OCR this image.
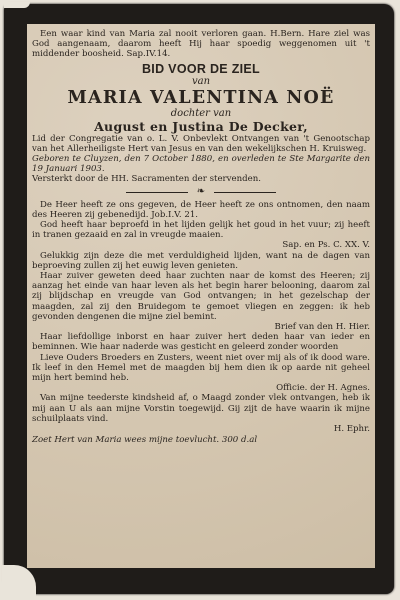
Een waar kind van Maria zal nooit verloren gaan. H.Bern. Hare ziel was God aangenaam, daarom heeft Hij haar spoedig weggenomen uit 't middender boosheid. Sap.IV.14.

BID VOOR DE ZIEL

van

MARIA VALENTINA NOË

dochter van

August en Justina De Decker,

Lid der Congregatie van o. L. V. Onbevlekt Ontvangen van 't Genootschap van het Allerheiligste Hert van Jesus en van den wekelijkschen H. Kruisweg.

Geboren te Cluyzen, den 7 October 1880, en overleden te Ste Margarite den 19 Januari 1903.

Versterkt door de HH. Sacramenten der stervenden.

❧

De Heer heeft ze ons gegeven, de Heer heeft ze ons ontnomen, den naam des Heeren zij gebenedijd. Job.I.V. 21.

God heeft haar beproefd in het lijden gelijk het goud in het vuur; zij heeft in tranen gezaaid en zal in vreugde maaien.

Sap. en Ps. C. XX. V.

Gelukkig zijn deze die met verduldigheid lijden, want na de dagen van beproeving zullen zij het euwig leven genieten.

Haar zuiver geweten deed haar zuchten naar de komst des Heeren; zij aanzag het einde van haar leven als het begin harer belooning, daarom zal zij blijdschap en vreugde van God ontvangen; in het gezelschap der maagden, zal zij den Bruidegom te gemoet vliegen en zeggen: ik heb gevonden dengenen die mijne ziel bemint.

Brief van den H. Hier.

Haar liefdollige inborst en haar zuiver hert deden haar van ieder en beminnen. Wie haar naderde was gesticht en geleerd zonder woorden

Lieve Ouders Broeders en Zusters, weent niet over mij als of ik dood ware. Ik leef in den Hemel met de maagden bij hem dien ik op aarde nit geheel mijn hert bemind heb.

Officie. der H. Agnes.

Van mijne teederste kindsheid af, o Maagd zonder vlek ontvangen, heb ik mij aan U als aan mijne Vorstin toegewijd. Gij zijt de have waarin ik mijne schuilplaats vind.

H. Ephr.

Zoet Hert van Maria wees mijne toevlucht. 300 d.al
